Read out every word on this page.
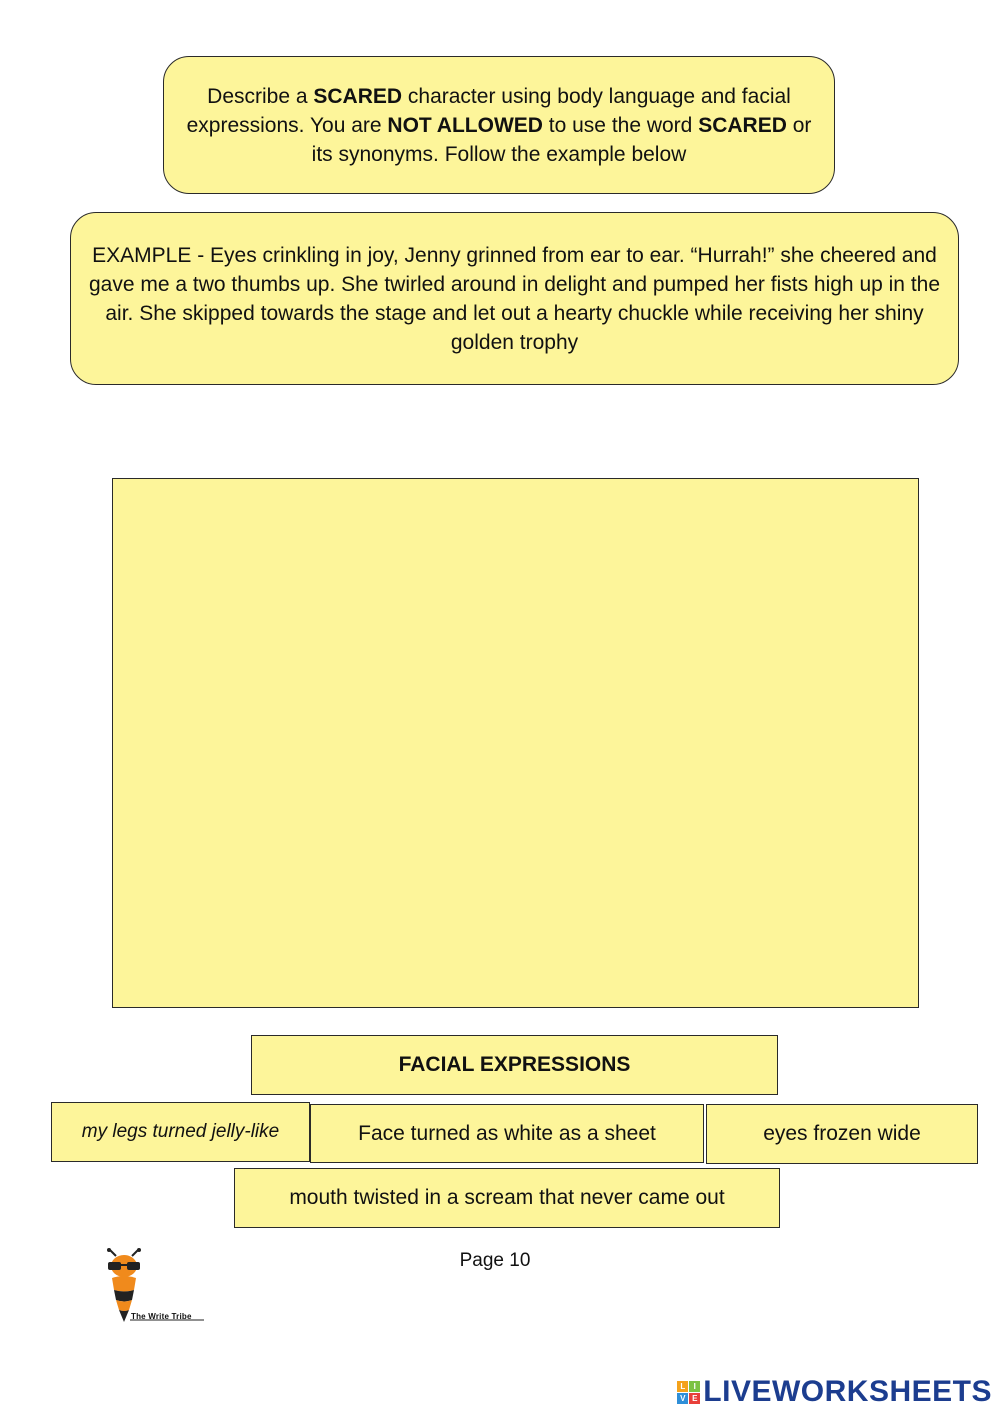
Describe a SCARED character using body language and facial expressions. You are NOT ALLOWED to use the word SCARED or its synonyms. Follow the example below
EXAMPLE - Eyes crinkling in joy, Jenny grinned from ear to ear. “Hurrah!” she cheered and gave me a two thumbs up. She twirled around in delight and pumped her fists high up in the air. She skipped towards the stage and let out a hearty chuckle while receiving her shiny golden trophy
FACIAL EXPRESSIONS
my legs turned jelly-like	Face turned as white as a sheet	eyes frozen wide
mouth twisted in a scream that never came out
The Write Tribe
Page 10
L	I
V E LIVEWORKSHEETS
